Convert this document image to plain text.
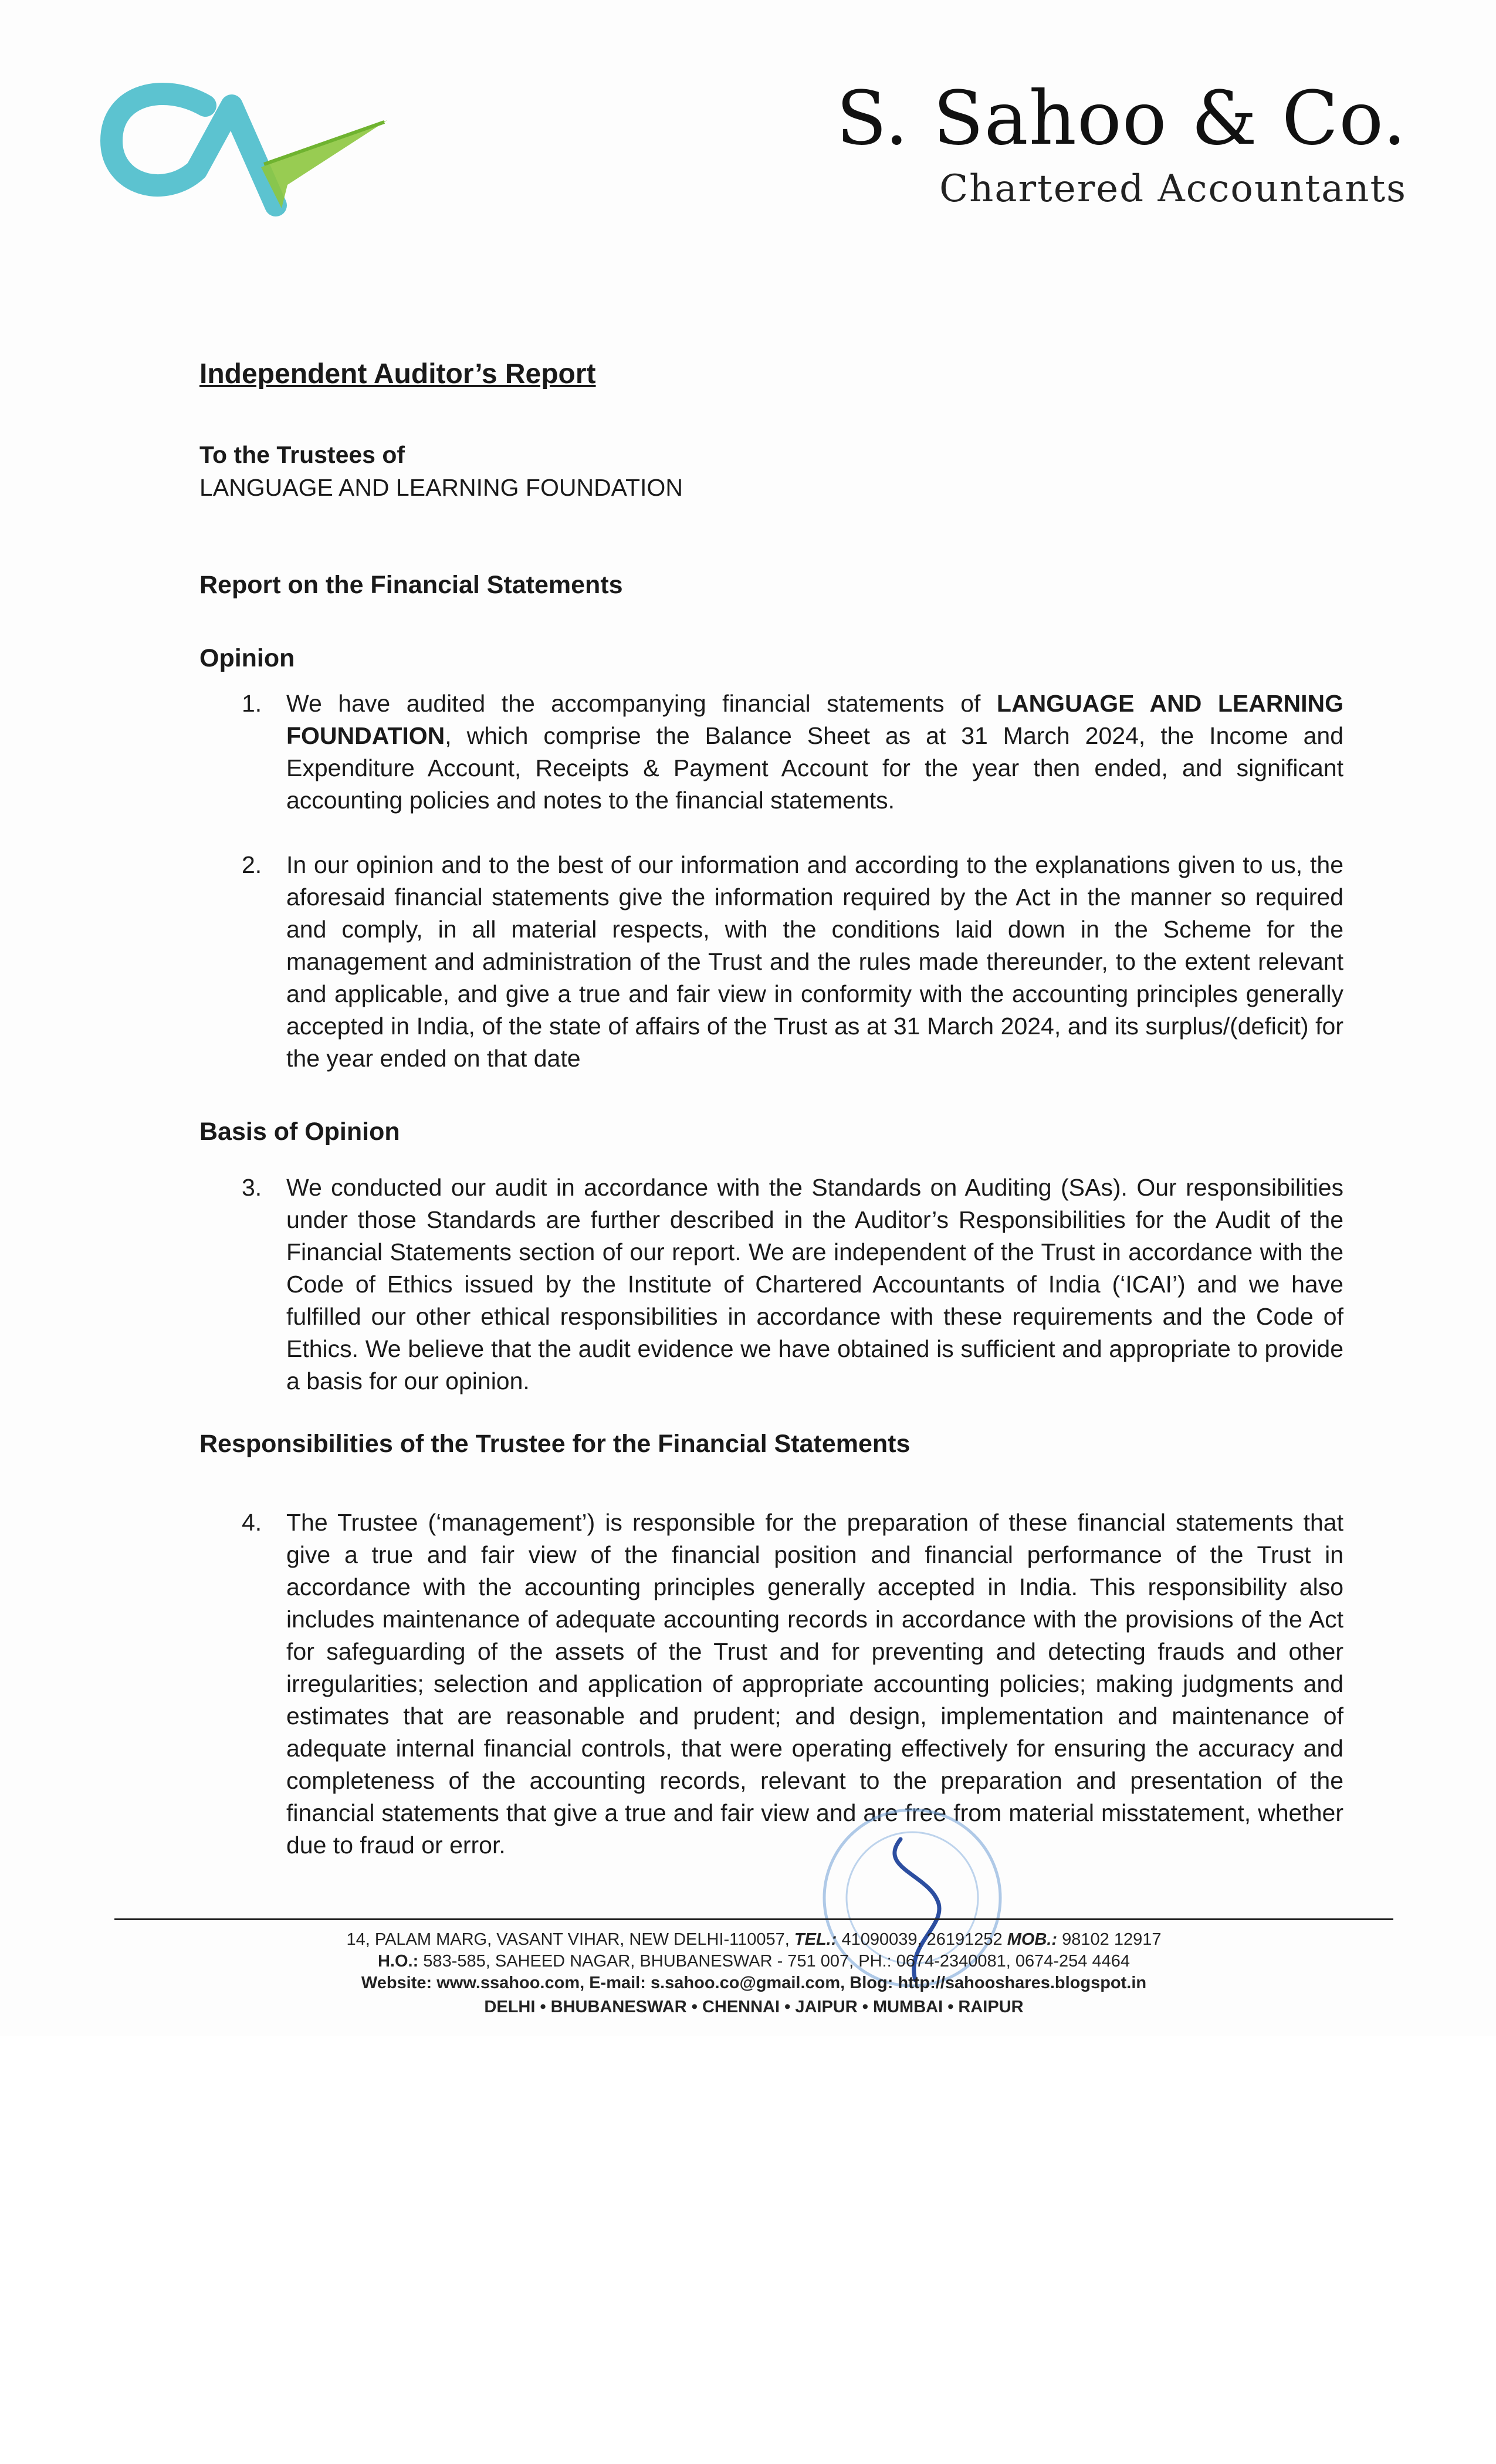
S. Sahoo & Co.
Chartered Accountants
Independent Auditor’s Report
To the Trustees of
LANGUAGE AND LEARNING FOUNDATION
Report on the Financial Statements
Opinion
1. We have audited the accompanying financial statements of LANGUAGE AND LEARNING FOUNDATION, which comprise the Balance Sheet as at 31 March 2024, the Income and Expenditure Account, Receipts & Payment Account for the year then ended, and significant accounting policies and notes to the financial statements.
2. In our opinion and to the best of our information and according to the explanations given to us, the aforesaid financial statements give the information required by the Act in the manner so required and comply, in all material respects, with the conditions laid down in the Scheme for the management and administration of the Trust and the rules made thereunder, to the extent relevant and applicable, and give a true and fair view in conformity with the accounting principles generally accepted in India, of the state of affairs of the Trust as at 31 March 2024, and its surplus/(deficit) for the year ended on that date
Basis of Opinion
3. We conducted our audit in accordance with the Standards on Auditing (SAs). Our responsibilities under those Standards are further described in the Auditor’s Responsibilities for the Audit of the Financial Statements section of our report. We are independent of the Trust in accordance with the Code of Ethics issued by the Institute of Chartered Accountants of India (‘ICAI’) and we have fulfilled our other ethical responsibilities in accordance with these requirements and the Code of Ethics. We believe that the audit evidence we have obtained is sufficient and appropriate to provide a basis for our opinion.
Responsibilities of the Trustee for the Financial Statements
4. The Trustee (‘management’) is responsible for the preparation of these financial statements that give a true and fair view of the financial position and financial performance of the Trust in accordance with the accounting principles generally accepted in India. This responsibility also includes maintenance of adequate accounting records in accordance with the provisions of the Act for safeguarding of the assets of the Trust and for preventing and detecting frauds and other irregularities; selection and application of appropriate accounting policies; making judgments and estimates that are reasonable and prudent; and design, implementation and maintenance of adequate internal financial controls, that were operating effectively for ensuring the accuracy and completeness of the accounting records, relevant to the preparation and presentation of the financial statements that give a true and fair view and are free from material misstatement, whether due to fraud or error.
14, PALAM MARG, VASANT VIHAR, NEW DELHI-110057, TEL.: 41090039, 26191252 MOB.: 98102 12917
H.O.: 583-585, SAHEED NAGAR, BHUBANESWAR - 751 007, PH.: 0674-2340081, 0674-254 4464
Website: www.ssahoo.com, E-mail: s.sahoo.co@gmail.com, Blog: http://sahooshares.blogspot.in
DELHI • BHUBANESWAR • CHENNAI • JAIPUR • MUMBAI • RAIPUR
